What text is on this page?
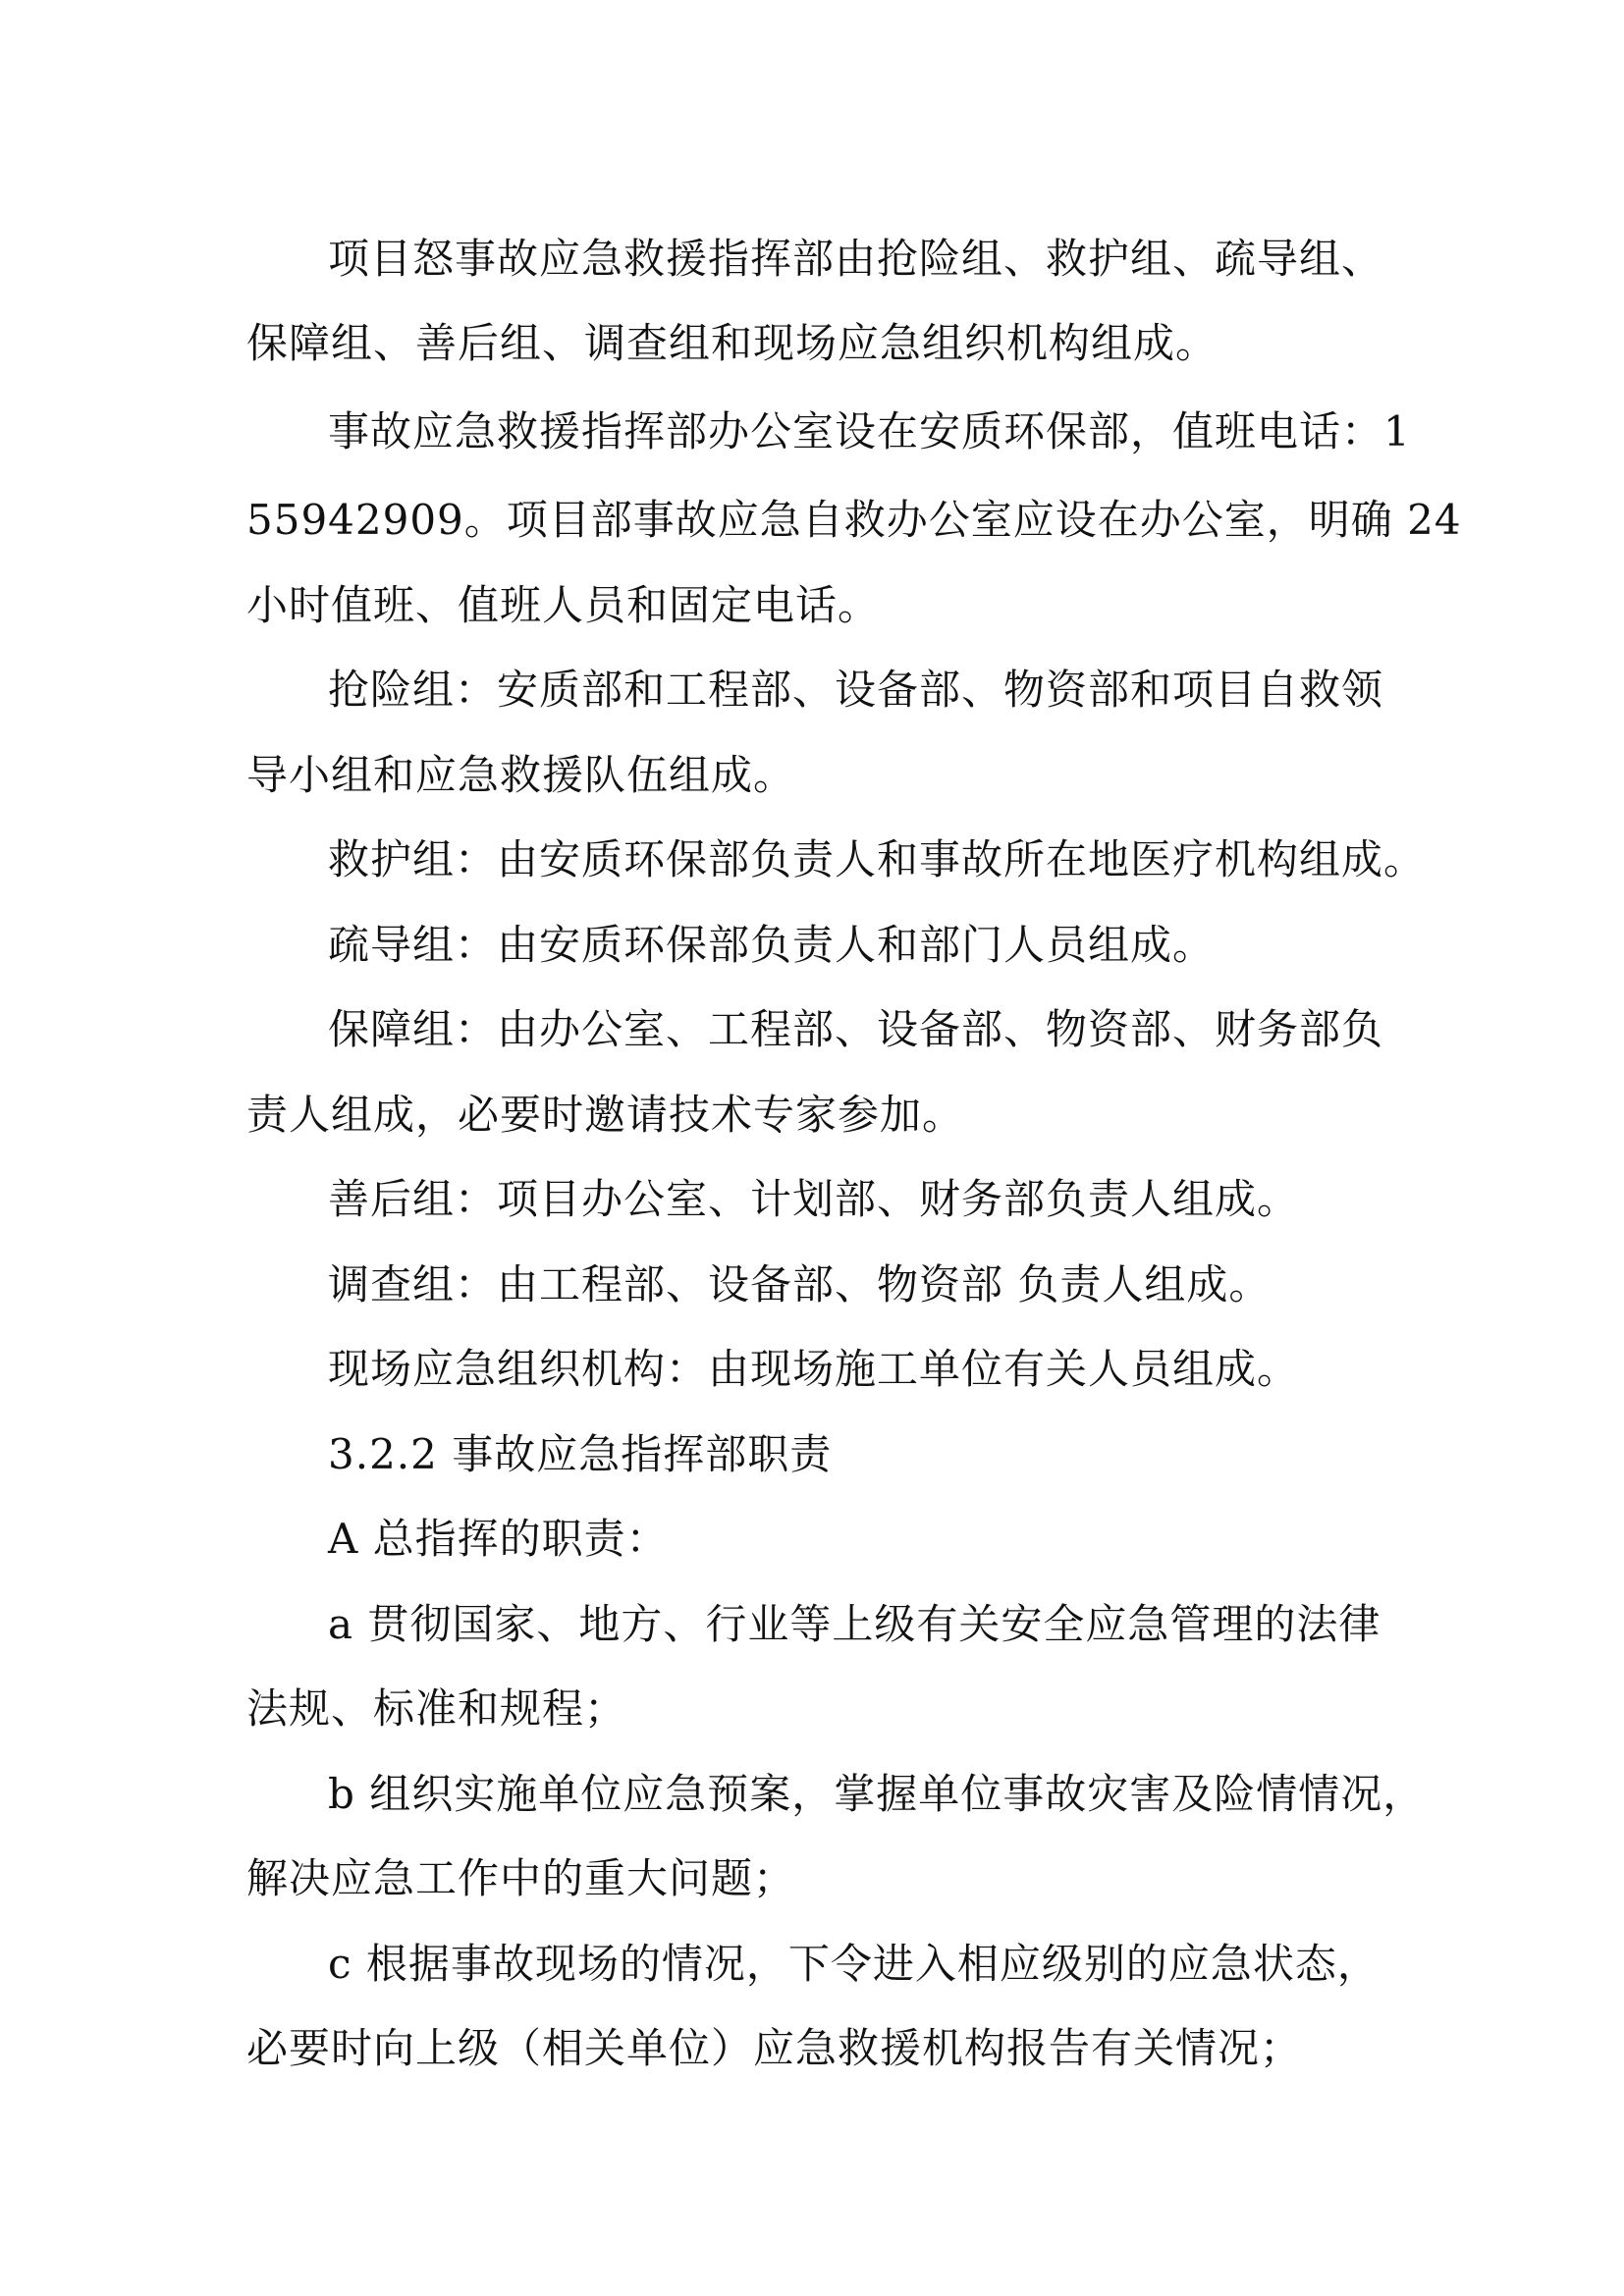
项目怒事故应急救援指挥部由抢险组、救护组、疏导组、
保障组、善后组、调查组和现场应急组织机构组成。
事故应急救援指挥部办公室设在安质环保部，值班电话：1
55942909。项目部事故应急自救办公室应设在办公室，明确 24
小时值班、值班人员和固定电话。
抢险组：安质部和工程部、设备部、物资部和项目自救领
导小组和应急救援队伍组成。
救护组：由安质环保部负责人和事故所在地医疗机构组成。
疏导组：由安质环保部负责人和部门人员组成。
保障组：由办公室、工程部、设备部、物资部、财务部负
责人组成，必要时邀请技术专家参加。
善后组：项目办公室、计划部、财务部负责人组成。
调查组：由工程部、设备部、物资部 负责人组成。
现场应急组织机构：由现场施工单位有关人员组成。
3.2.2 事故应急指挥部职责
A 总指挥的职责：
a 贯彻国家、地方、行业等上级有关安全应急管理的法律
法规、标准和规程；
b 组织实施单位应急预案，掌握单位事故灾害及险情情况，
解决应急工作中的重大问题；
c 根据事故现场的情况，下令进入相应级别的应急状态，
必要时向上级（相关单位）应急救援机构报告有关情况；
